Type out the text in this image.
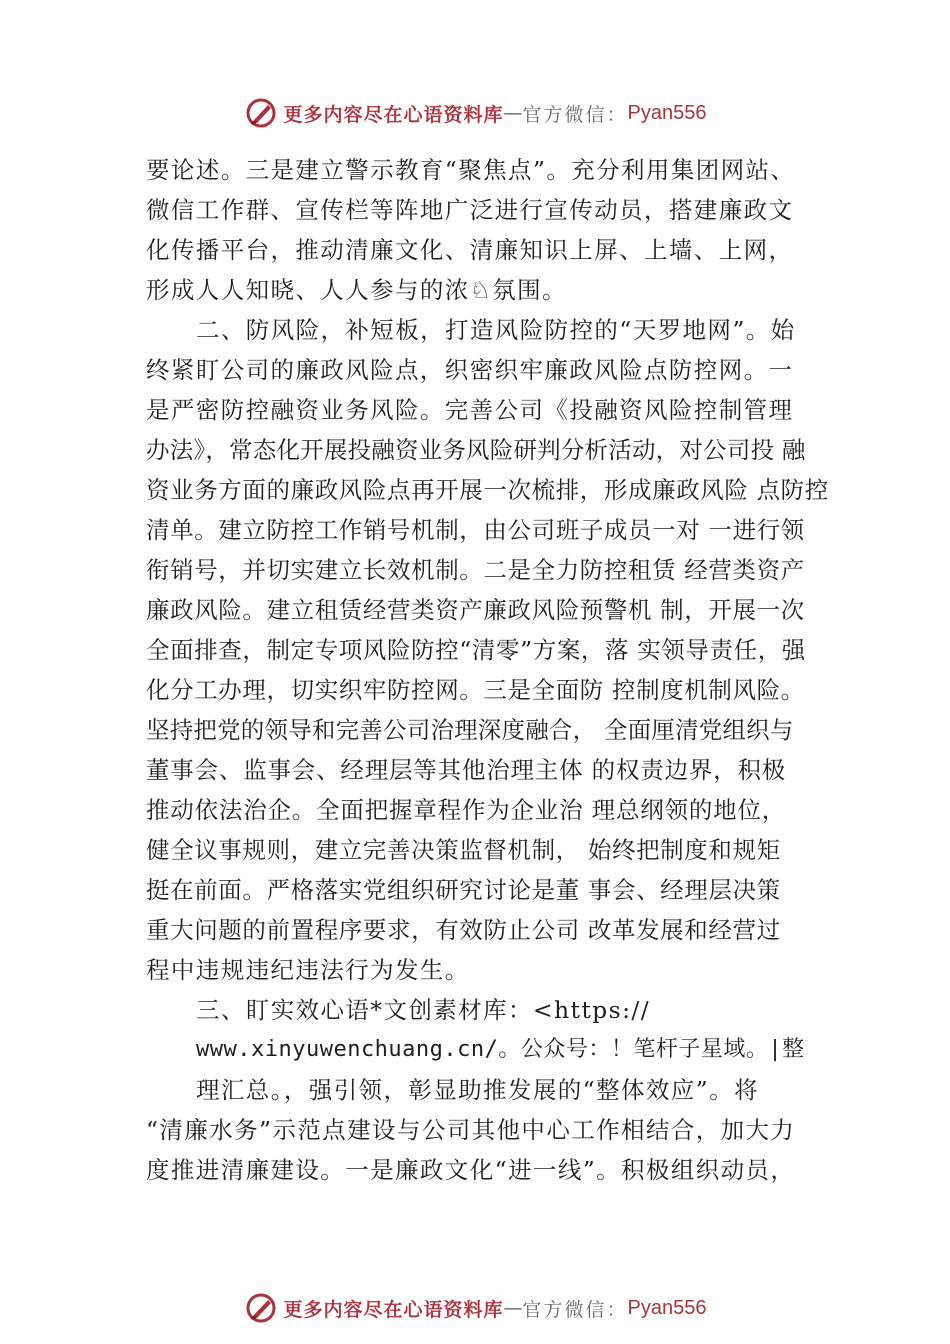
更多内容尽在心语资料库 — 官方微信： Pyan556
要论述。三是建立警示教育“聚焦点”。充分利用集团网站、
微信工作群、宣传栏等阵地广泛进行宣传动员，搭建廉政文
化传播平台，推动清廉文化、清廉知识上屏、上墙、上网，
形成人人知晓、人人参与的浓♘氛围。
二、防风险，补短板，打造风险防控的“天罗地网”。始
终紧盯公司的廉政风险点，织密织牢廉政风险点防控网。一
是严密防控融资业务风险。完善公司《投融资风险控制管理
办法》，常态化开展投融资业务风险研判分析活动，对公司投 融
资业务方面的廉政风险点再开展一次梳排，形成廉政风险 点防控
清单。建立防控工作销号机制，由公司班子成员一对 一进行领
衔销号，并切实建立长效机制。二是全力防控租赁 经营类资产
廉政风险。建立租赁经营类资产廉政风险预警机 制，开展一次
全面排查，制定专项风险防控“清零”方案，落 实领导责任，强
化分工办理，切实织牢防控网。三是全面防 控制度机制风险。
坚持把党的领导和完善公司治理深度融合， 全面厘清党组织与
董事会、监事会、经理层等其他治理主体 的权责边界，积极
推动依法治企。全面把握章程作为企业治 理总纲领的地位，
健全议事规则，建立完善决策监督机制， 始终把制度和规矩
挺在前面。严格落实党组织研究讨论是董 事会、经理层决策
重大问题的前置程序要求，有效防止公司 改革发展和经营过
程中违规违纪违法行为发生。
三、盯实效心语*文创素材库：<https://
www.xinyuwenchuang.cn/。公众号：！笔杆子星域。|整
理汇总。，强引领，彰显助推发展的“整体效应”。将
“清廉水务”示范点建设与公司其他中心工作相结合，加大力
度推进清廉建设。一是廉政文化“进一线”。积极组织动员，
更多内容尽在心语资料库 — 官方微信： Pyan556
